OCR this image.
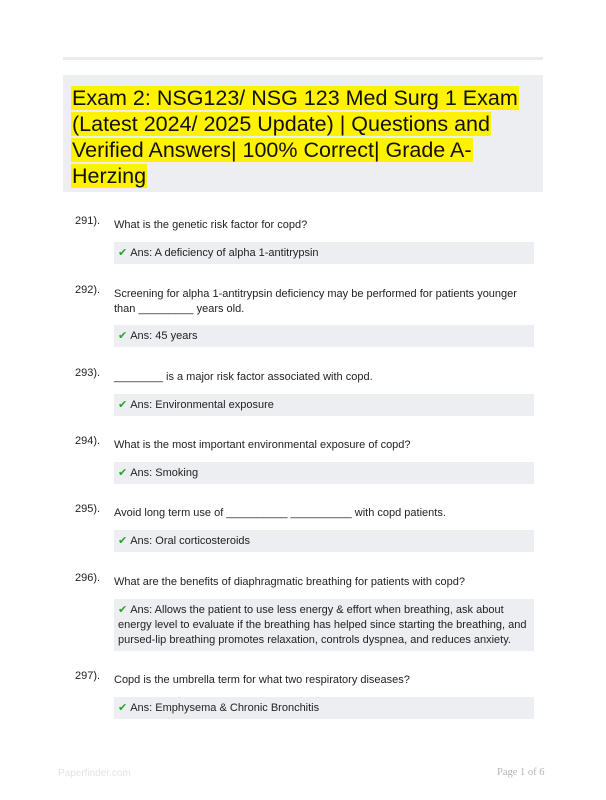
Exam 2: NSG123/ NSG 123 Med Surg 1 Exam
(Latest 2024/ 2025 Update) | Questions and
Verified Answers| 100% Correct| Grade A-
Herzing
291). What is the genetic risk factor for copd?
✔ Ans: A deficiency of alpha 1-antitrypsin
292). Screening for alpha 1-antitrypsin deficiency may be performed for patients younger than _________ years old.
✔ Ans: 45 years
293). ________ is a major risk factor associated with copd.
✔ Ans: Environmental exposure
294). What is the most important environmental exposure of copd?
✔ Ans: Smoking
295). Avoid long term use of __________ __________ with copd patients.
✔ Ans: Oral corticosteroids
296). What are the benefits of diaphragmatic breathing for patients with copd?
✔ Ans: Allows the patient to use less energy & effort when breathing, ask about energy level to evaluate if the breathing has helped since starting the breathing, and pursed-lip breathing promotes relaxation, controls dyspnea, and reduces anxiety.
297). Copd is the umbrella term for what two respiratory diseases?
✔ Ans: Emphysema & Chronic Bronchitis
Paperfinder.com	Page 1 of 6
